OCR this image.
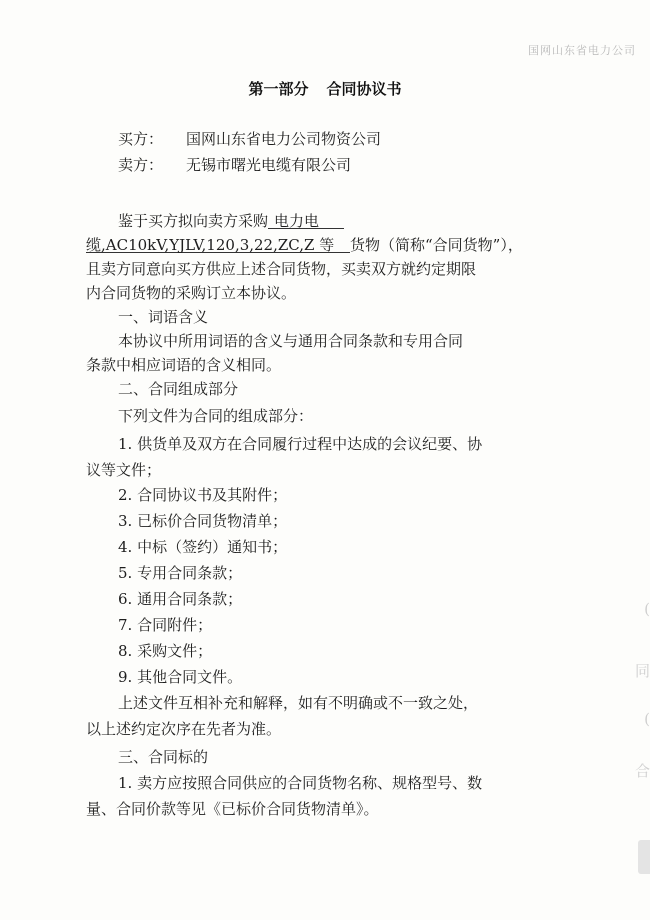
国网山东省电力公司
第一部分 合同协议书
买方： 国网山东省电力公司物资公司
卖方： 无锡市曙光电缆有限公司
鉴于买方拟向卖方采购 电力电
缆,AC10kV,YJLV,120,3,22,ZC,Z 等 货物（简称“合同货物”），
且卖方同意向买方供应上述合同货物，买卖双方就约定期限
内合同货物的采购订立本协议。
一、词语含义
本协议中所用词语的含义与通用合同条款和专用合同
条款中相应词语的含义相同。
二、合同组成部分
下列文件为合同的组成部分：
1. 供货单及双方在合同履行过程中达成的会议纪要、协
议等文件；
2. 合同协议书及其附件；
3. 已标价合同货物清单；
4. 中标（签约）通知书；
5. 专用合同条款；
6. 通用合同条款；
7. 合同附件；
8. 采购文件；
9. 其他合同文件。
上述文件互相补充和解释，如有不明确或不一致之处，
以上述约定次序在先者为准。
三、合同标的
1. 卖方应按照合同供应的合同货物名称、规格型号、数
量、合同价款等见《已标价合同货物清单》。
(
同
(
合
